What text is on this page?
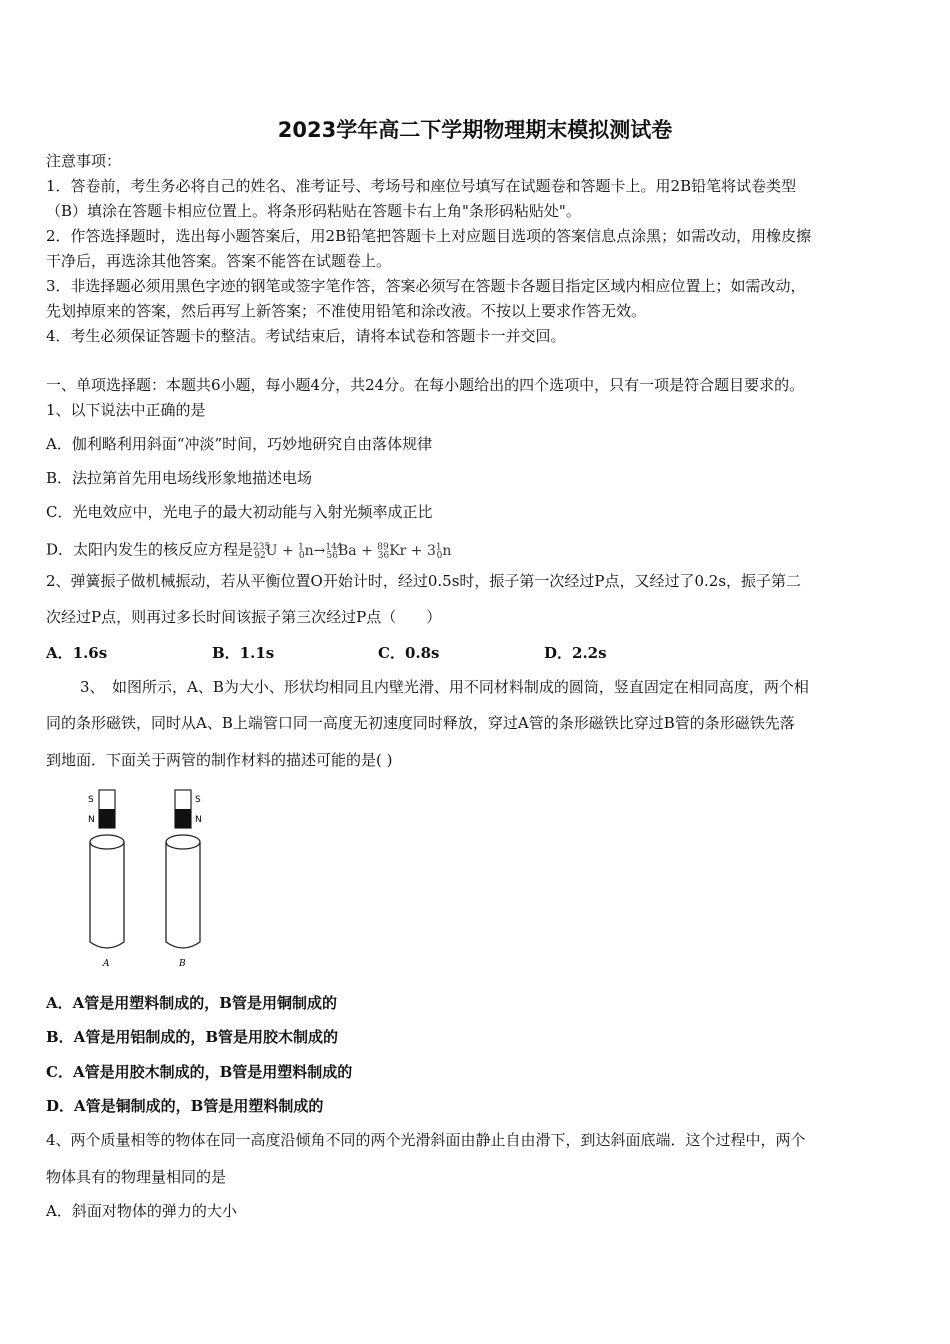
2023学年高二下学期物理期末模拟测试卷
注意事项：
1．答卷前，考生务必将自己的姓名、准考证号、考场号和座位号填写在试题卷和答题卡上。用2B铅笔将试卷类型
（B）填涂在答题卡相应位置上。将条形码粘贴在答题卡右上角"条形码粘贴处"。
2．作答选择题时，选出每小题答案后，用2B铅笔把答题卡上对应题目选项的答案信息点涂黑；如需改动，用橡皮擦
干净后，再选涂其他答案。答案不能答在试题卷上。
3．非选择题必须用黑色字迹的钢笔或签字笔作答，答案必须写在答题卡各题目指定区域内相应位置上；如需改动，
先划掉原来的答案，然后再写上新答案；不准使用铅笔和涂改液。不按以上要求作答无效。
4．考生必须保证答题卡的整洁。考试结束后，请将本试卷和答题卡一并交回。
一、单项选择题：本题共6小题，每小题4分，共24分。在每小题给出的四个选项中，只有一项是符合题目要求的。
1、以下说法中正确的是
A．伽利略利用斜面“冲淡”时间，巧妙地研究自由落体规律
B．法拉第首先用电场线形象地描述电场
C．光电效应中，光电子的最大初动能与入射光频率成正比
D．太阳内发生的核反应方程是$^{235}_{92}U + ^1_0n\to^{144}_{56}Ba + ^{89}_{36}Kr + 3^1_0n$
2、弹簧振子做机械振动，若从平衡位置O开始计时，经过0.5s时，振子第一次经过P点，又经过了0.2s，振子第二
次经过P点，则再过多长时间该振子第三次经过P点（　　）
A．1.6s	B．1.1s	C．0.8s	D．2.2s
3、　如图所示，A、B为大小、形状均相同且内壁光滑、用不同材料制成的圆筒，竖直固定在相同高度，两个相
同的条形磁铁，同时从A、B上端管口同一高度无初速度同时释放，穿过A管的条形磁铁比穿过B管的条形磁铁先落
到地面．下面关于两管的制作材料的描述可能的是( )
S
N
S
N
A	B
A．A管是用塑料制成的，B管是用铜制成的
B．A管是用铝制成的，B管是用胶木制成的
C．A管是用胶木制成的，B管是用塑料制成的
D．A管是铜制成的，B管是用塑料制成的
4、两个质量相等的物体在同一高度沿倾角不同的两个光滑斜面由静止自由滑下，到达斜面底端．这个过程中，两个
物体具有的物理量相同的是
A．斜面对物体的弹力的大小
